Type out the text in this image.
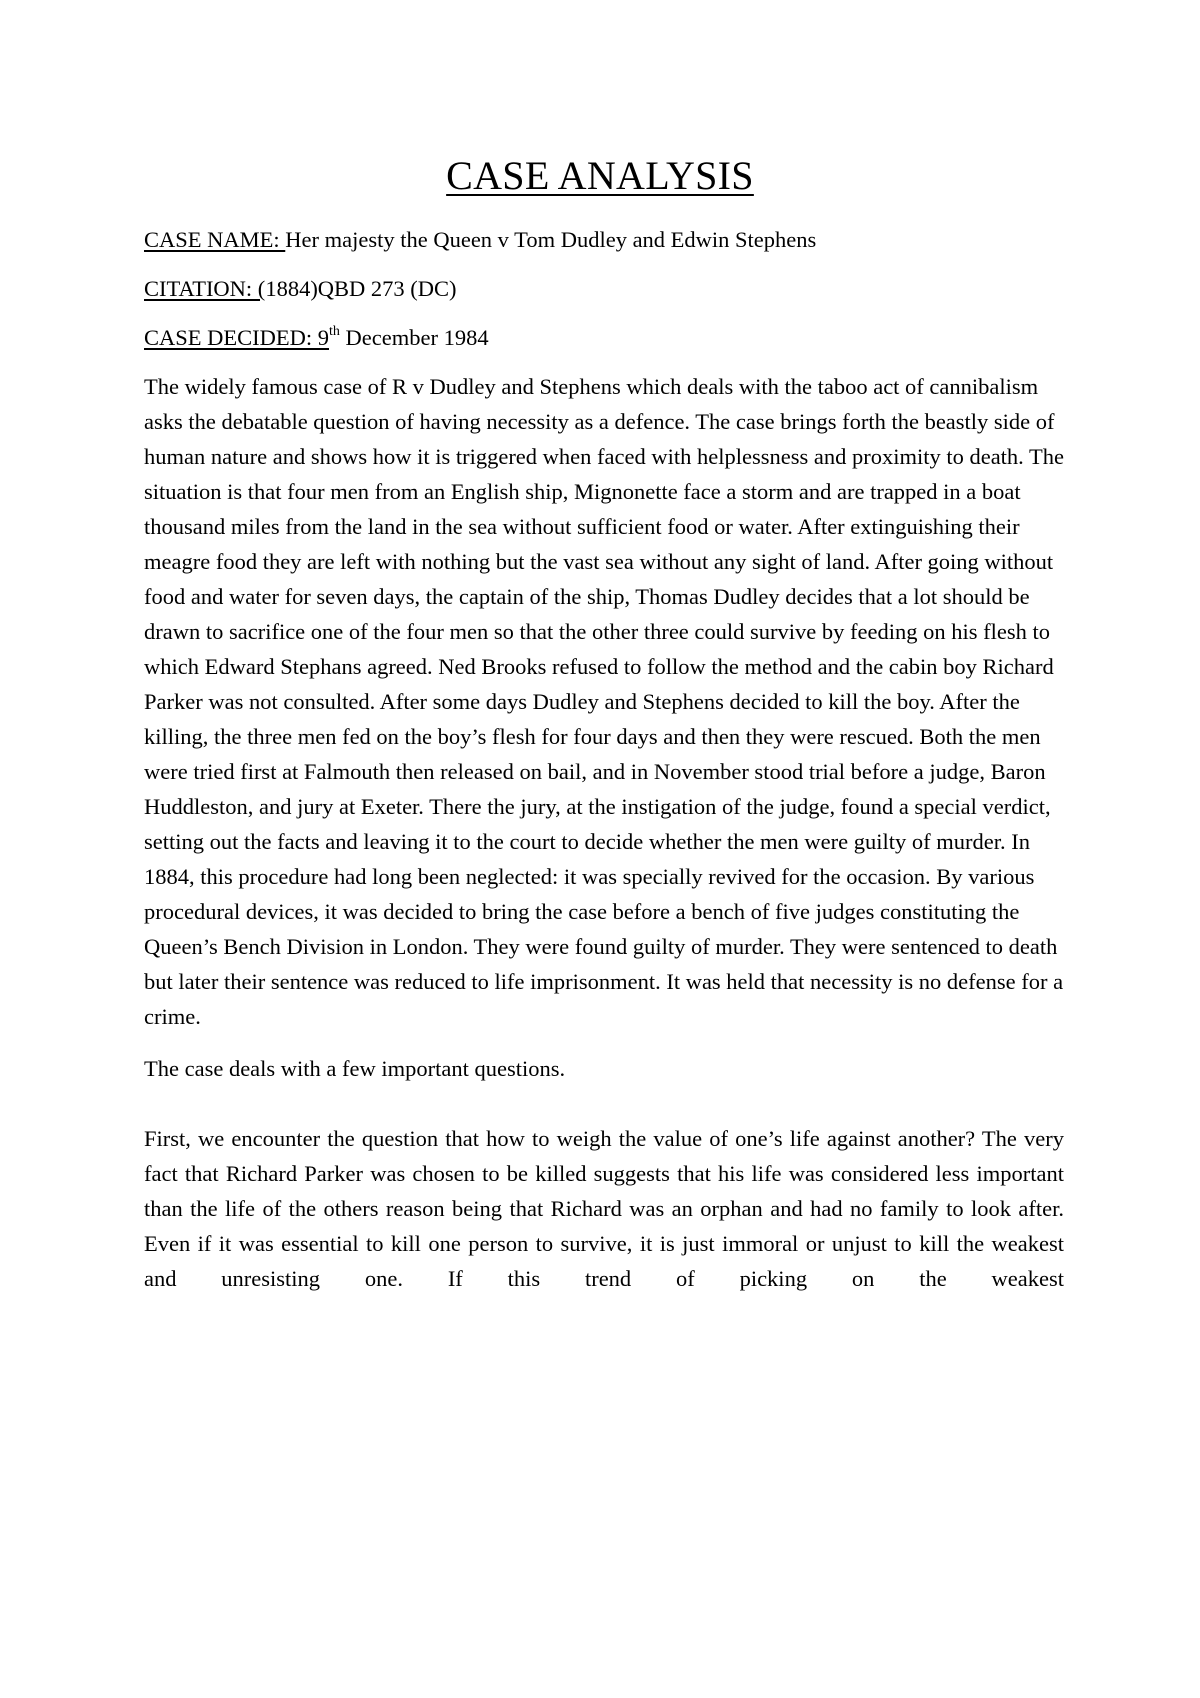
CASE ANALYSIS
CASE NAME: Her majesty the Queen v Tom Dudley and Edwin Stephens
CITATION: (1884)QBD 273 (DC)
CASE DECIDED: 9th December 1984

The widely famous case of R v Dudley and Stephens which deals with the taboo act of cannibalism asks the debatable question of having necessity as a defence. The case brings forth the beastly side of human nature and shows how it is triggered when faced with helplessness and proximity to death. The situation is that four men from an English ship, Mignonette face a storm and are trapped in a boat thousand miles from the land in the sea without sufficient food or water. After extinguishing their meagre food they are left with nothing but the vast sea without any sight of land. After going without food and water for seven days, the captain of the ship, Thomas Dudley decides that a lot should be drawn to sacrifice one of the four men so that the other three could survive by feeding on his flesh to which Edward Stephans agreed. Ned Brooks refused to follow the method and the cabin boy Richard Parker was not consulted. After some days Dudley and Stephens decided to kill the boy. After the killing, the three men fed on the boy’s flesh for four days and then they were rescued. Both the men were tried first at Falmouth then released on bail, and in November stood trial before a judge, Baron Huddleston, and jury at Exeter. There the jury, at the instigation of the judge, found a special verdict, setting out the facts and leaving it to the court to decide whether the men were guilty of murder. In 1884, this procedure had long been neglected: it was specially revived for the occasion. By various procedural devices, it was decided to bring the case before a bench of five judges constituting the Queen’s Bench Division in London. They were found guilty of murder. They were sentenced to death but later their sentence was reduced to life imprisonment. It was held that necessity is no defense for a crime.

The case deals with a few important questions.

First, we encounter the question that how to weigh the value of one’s life against another? The very fact that Richard Parker was chosen to be killed suggests that his life was considered less important than the life of the others reason being that Richard was an orphan and had no family to look after. Even if it was essential to kill one person to survive, it is just immoral or unjust to kill the weakest and unresisting one. If this trend of picking on the weakest
